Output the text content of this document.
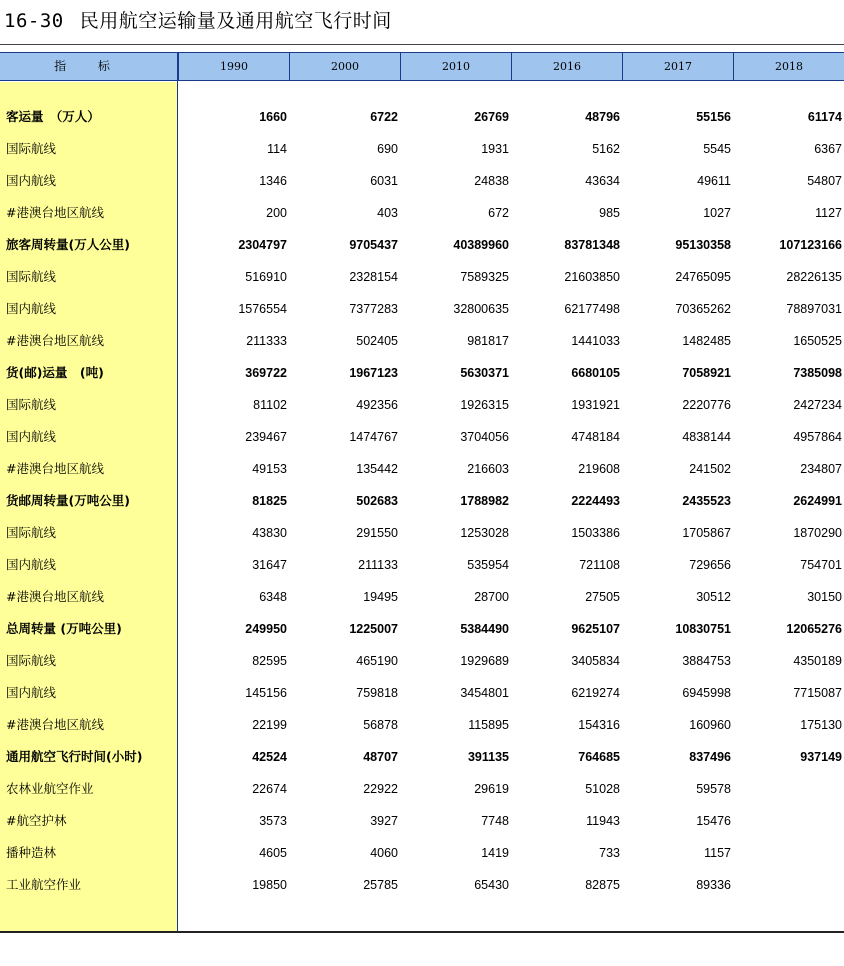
16-30 民用航空运输量及通用航空飞行时间
指 标	1990	2000	2010	2016	2017	2018
客运量　（万人）	1660	6722	26769	48796	55156	61174
国际航线	114	690	1931	5162	5545	6367
国内航线	1346	6031	24838	43634	49611	54807
#港澳台地区航线	200	403	672	985	1027	1127
旅客周转量(万人公里)	2304797	9705437	40389960	83781348	95130358	107123166
国际航线	516910	2328154	7589325	21603850	24765095	28226135
国内航线	1576554	7377283	32800635	62177498	70365262	78897031
#港澳台地区航线	211333	502405	981817	1441033	1482485	1650525
货(邮)运量　(吨)	369722	1967123	5630371	6680105	7058921	7385098
国际航线	81102	492356	1926315	1931921	2220776	2427234
国内航线	239467	1474767	3704056	4748184	4838144	4957864
#港澳台地区航线	49153	135442	216603	219608	241502	234807
货邮周转量(万吨公里)	81825	502683	1788982	2224493	2435523	2624991
国际航线	43830	291550	1253028	1503386	1705867	1870290
国内航线	31647	211133	535954	721108	729656	754701
#港澳台地区航线	6348	19495	28700	27505	30512	30150
总周转量 (万吨公里)	249950	1225007	5384490	9625107	10830751	12065276
国际航线	82595	465190	1929689	3405834	3884753	4350189
国内航线	145156	759818	3454801	6219274	6945998	7715087
#港澳台地区航线	22199	56878	115895	154316	160960	175130
通用航空飞行时间(小时)	42524	48707	391135	764685	837496	937149
农林业航空作业	22674	22922	29619	51028	59578
#航空护林	3573	3927	7748	11943	15476
播种造林	4605	4060	1419	733	1157
工业航空作业	19850	25785	65430	82875	89336
